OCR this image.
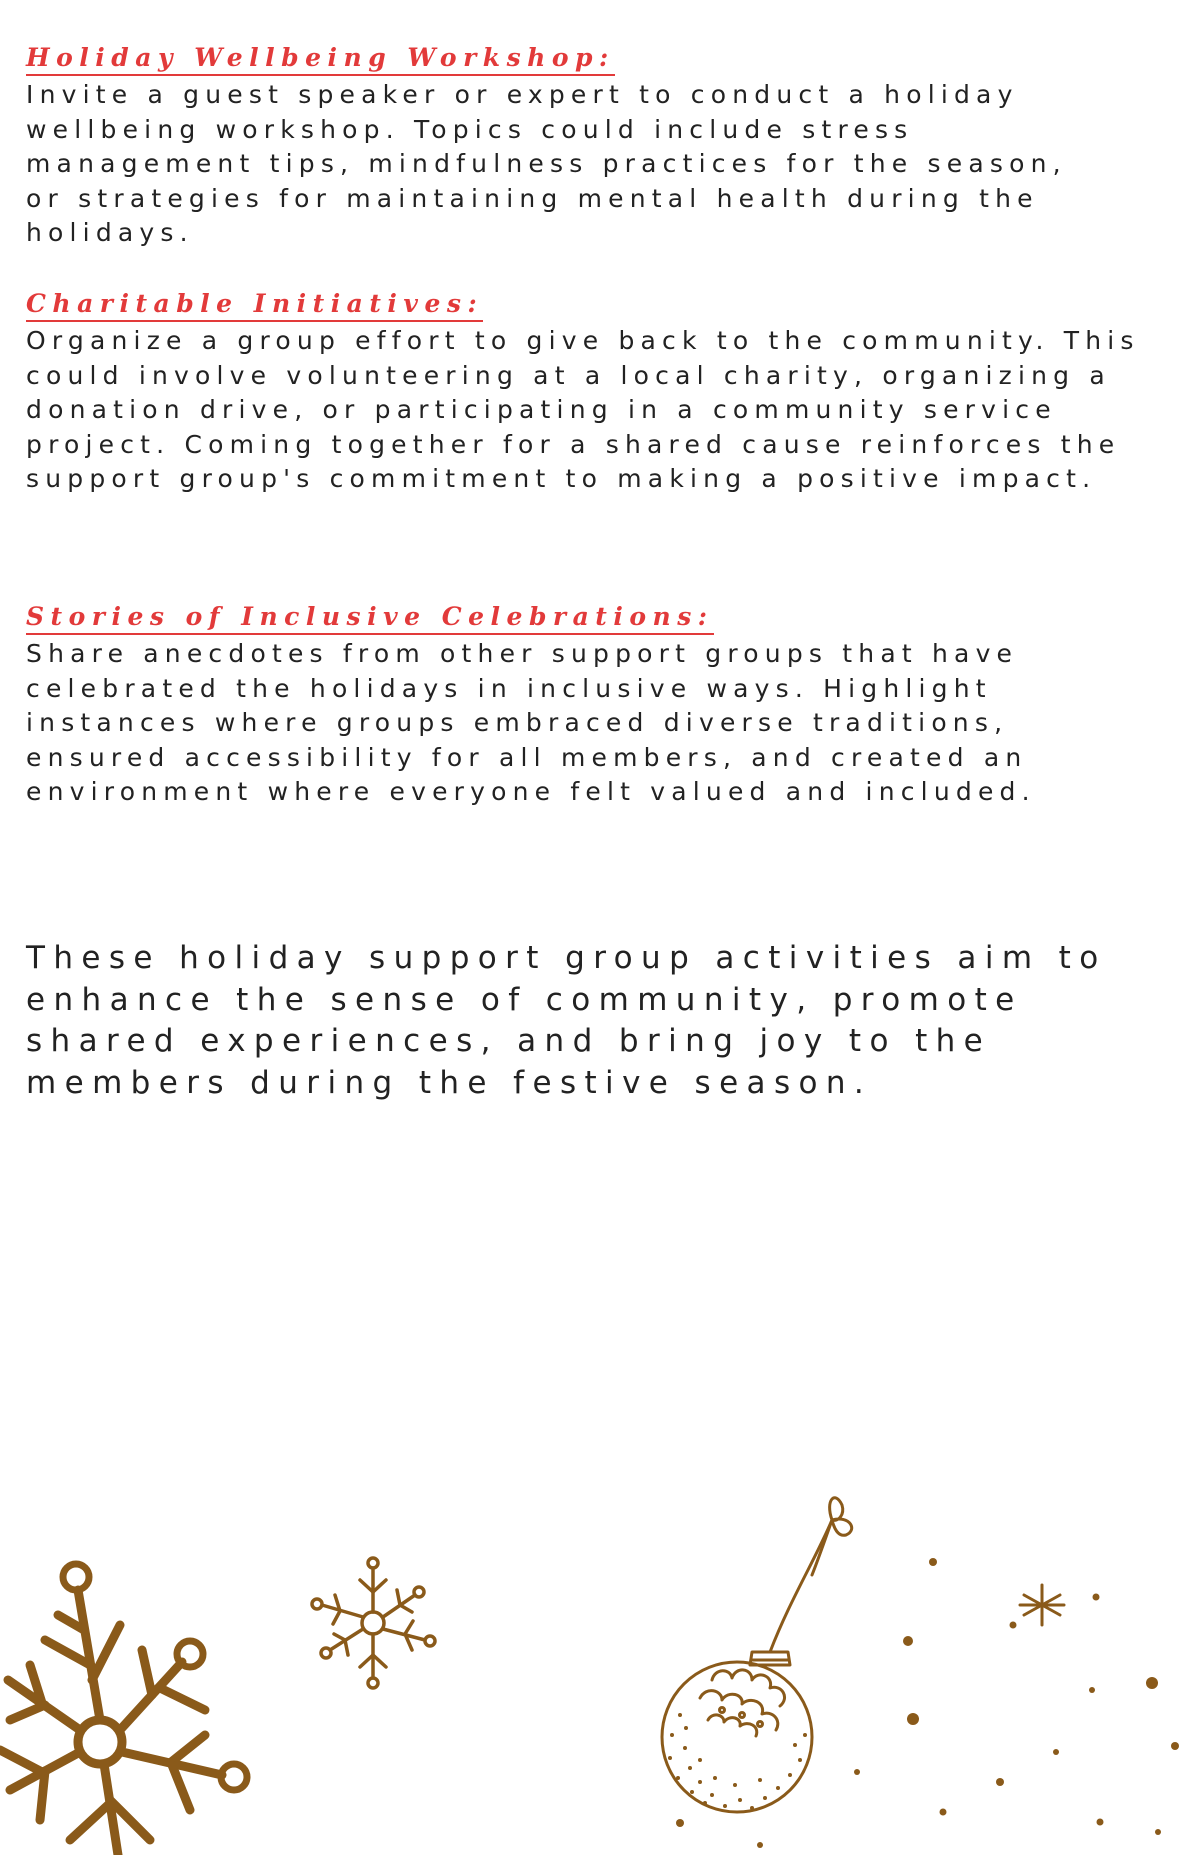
Holiday Wellbeing Workshop:

Invite a guest speaker or expert to conduct a holiday wellbeing workshop. Topics could include stress management tips, mindfulness practices for the season, or strategies for maintaining mental health during the holidays.

Charitable Initiatives:

Organize a group effort to give back to the community. This could involve volunteering at a local charity, organizing a donation drive, or participating in a community service project. Coming together for a shared cause reinforces the support group's commitment to making a positive impact.

Stories of Inclusive Celebrations:

Share anecdotes from other support groups that have celebrated the holidays in inclusive ways. Highlight instances where groups embraced diverse traditions, ensured accessibility for all members, and created an environment where everyone felt valued and included.

These holiday support group activities aim to enhance the sense of community, promote shared experiences, and bring joy to the members during the festive season.
